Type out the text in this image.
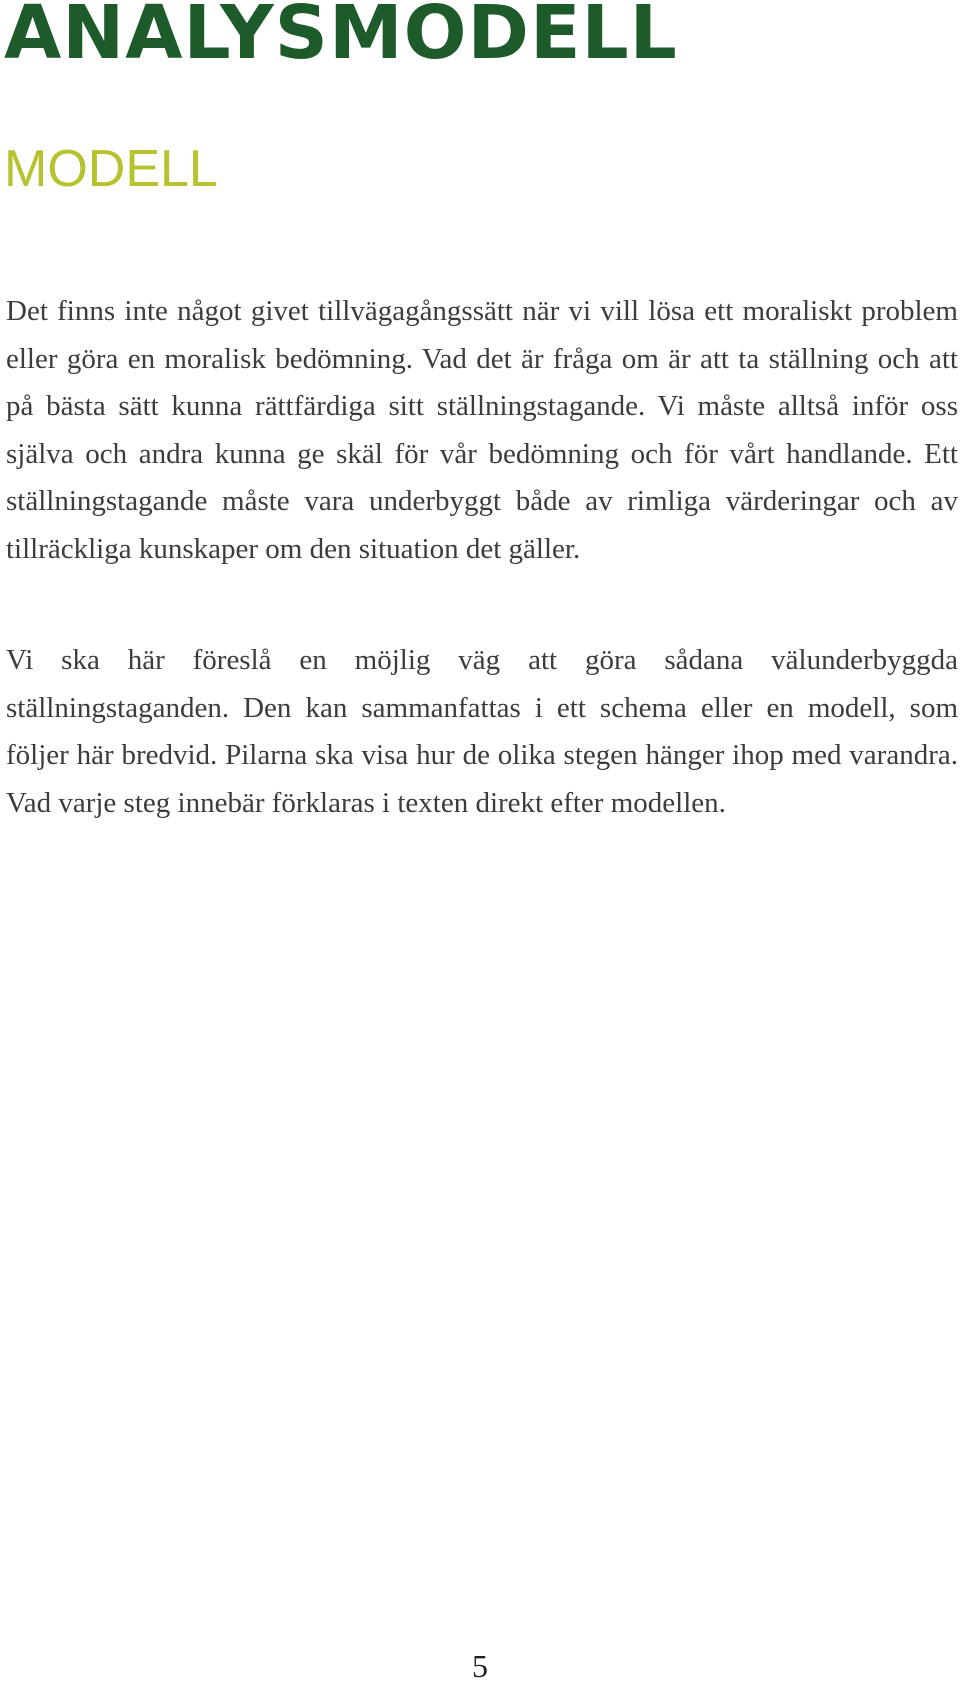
ANALYSMODELL
MODELL

Det finns inte något givet tillvägagångssätt när vi vill lösa ett moraliskt problem eller göra en moralisk bedömning. Vad det är fråga om är att ta ställning och att på bästa sätt kunna rättfärdiga sitt ställningstagande. Vi måste alltså inför oss själva och andra kunna ge skäl för vår bedömning och för vårt handlande. Ett ställningstagande måste vara underbyggt både av rimliga värderingar och av tillräckliga kunskaper om den situation det gäller.

Vi ska här föreslå en möjlig väg att göra sådana välunderbyggda ställningstaganden. Den kan sammanfattas i ett schema eller en modell, som följer här bredvid. Pilarna ska visa hur de olika stegen hänger ihop med varandra. Vad varje steg innebär förklaras i texten direkt efter modellen.

5
